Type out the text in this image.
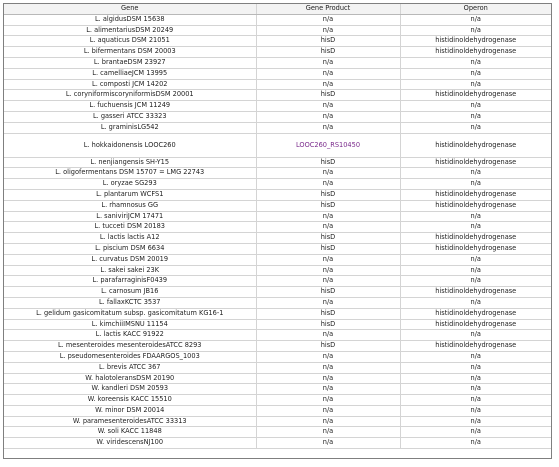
Gene	Gene Product	Operon
L. algidusDSM 15638	n/a	n/a
L. alimentariusDSM 20249	n/a	n/a
L. aquaticus DSM 21051	hisD	histidinoldehydrogenase
L. bifermentans DSM 20003	hisD	histidinoldehydrogenase
L. brantaeDSM 23927	n/a	n/a
L. camelliaeJCM 13995	n/a	n/a
L. composti JCM 14202	n/a	n/a
L. coryniformiscoryniformisDSM 20001	hisD	histidinoldehydrogenase
L. fuchuensis JCM 11249	n/a	n/a
L. gasseri ATCC 33323	n/a	n/a
L. graminisLG542	n/a	n/a
L. hokkaidonensis LOOC260	LOOC260_RS10450	histidinoldehydrogenase
L. nenjiangensis SH-Y15	hisD	histidinoldehydrogenase
L. oligofermentans DSM 15707 = LMG 22743	n/a	n/a
L. oryzae SG293	n/a	n/a
L. plantarum WCFS1	hisD	histidinoldehydrogenase
L. rhamnosus GG	hisD	histidinoldehydrogenase
L. saniviriJCM 17471	n/a	n/a
L. tucceti DSM 20183	n/a	n/a
L. lactis lactis A12	hisD	histidinoldehydrogenase
L. piscium DSM 6634	hisD	histidinoldehydrogenase
L. curvatus DSM 20019	n/a	n/a
L. sakei sakei 23K	n/a	n/a
L. parafarraginisF0439	n/a	n/a
L. carnosum JB16	hisD	histidinoldehydrogenase
L. fallaxKCTC 3537	n/a	n/a
L. gelidum gasicomitatum subsp. gasicomitatum KG16-1	hisD	histidinoldehydrogenase
L. kimchiiIMSNU 11154	hisD	histidinoldehydrogenase
L. lactis KACC 91922	n/a	n/a
L. mesenteroides mesenteroidesATCC 8293	hisD	histidinoldehydrogenase
L. pseudomesenteroides FDAARGOS_1003	n/a	n/a
L. brevis ATCC 367	n/a	n/a
W. halotoleransDSM 20190	n/a	n/a
W. kandleri DSM 20593	n/a	n/a
W. koreensis KACC 15510	n/a	n/a
W. minor DSM 20014	n/a	n/a
W. paramesenteroidesATCC 33313	n/a	n/a
W. soli KACC 11848	n/a	n/a
W. viridescensNJ100	n/a	n/a
